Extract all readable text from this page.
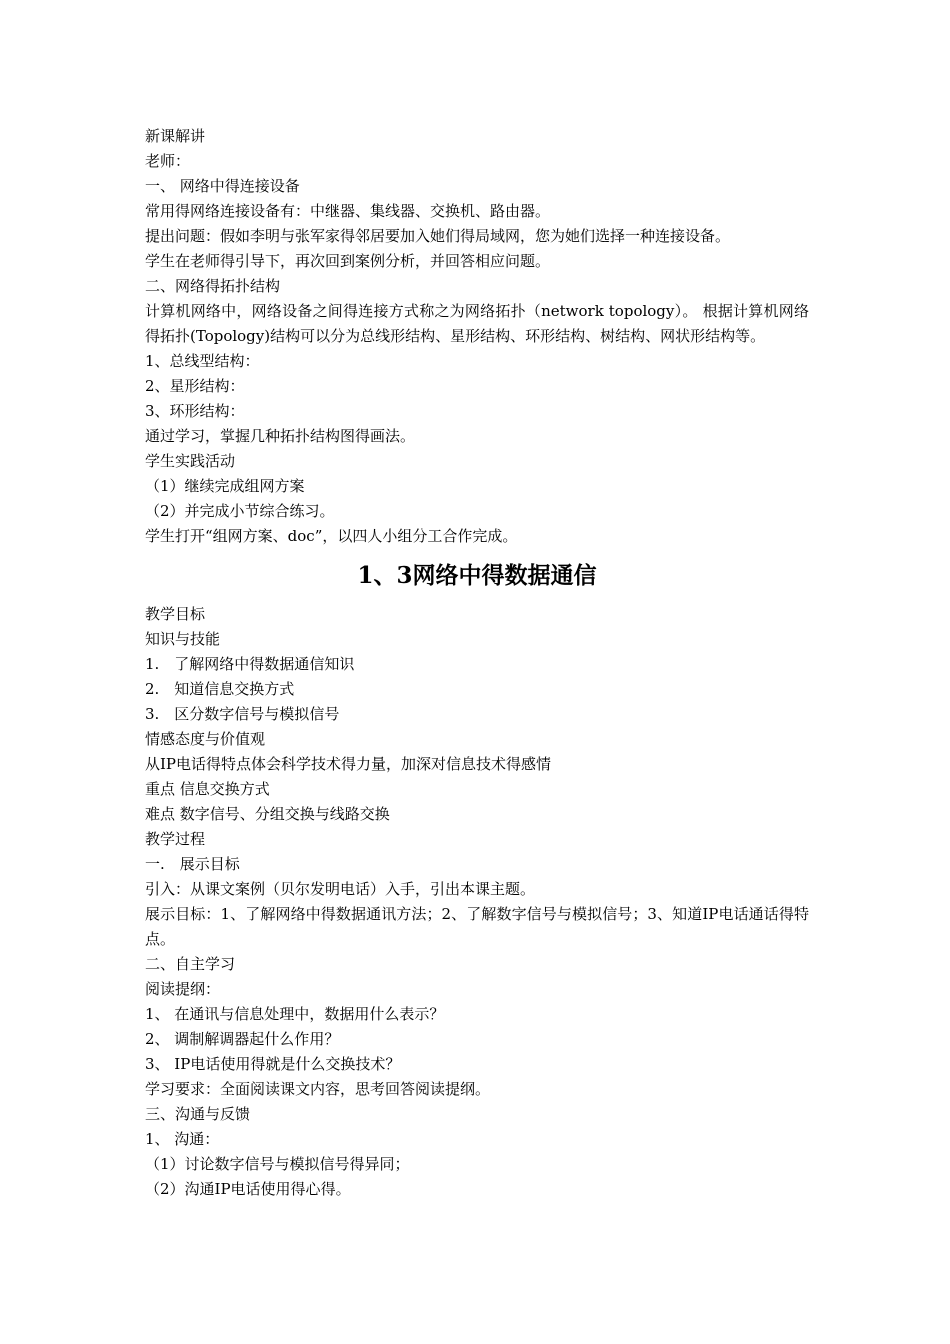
新课解讲
老师：
一、 网络中得连接设备
常用得网络连接设备有：中继器、集线器、交换机、路由器。
提出问题：假如李明与张军家得邻居要加入她们得局域网，您为她们选择一种连接设备。
学生在老师得引导下，再次回到案例分析，并回答相应问题。
二、网络得拓扑结构
计算机网络中，网络设备之间得连接方式称之为网络拓扑（network topology）。 根据计算机网络得拓扑(Topology)结构可以分为总线形结构、星形结构、环形结构、树结构、网状形结构等。
1、总线型结构：
2、星形结构：
3、环形结构：
通过学习，掌握几种拓扑结构图得画法。
学生实践活动
（1）继续完成组网方案
（2）并完成小节综合练习。
学生打开“组网方案、doc”，以四人小组分工合作完成。
1、3网络中得数据通信
教学目标
知识与技能
1.　了解网络中得数据通信知识
2.　知道信息交换方式
3.　区分数字信号与模拟信号
情感态度与价值观
从IP电话得特点体会科学技术得力量，加深对信息技术得感情
重点 信息交换方式
难点 数字信号、分组交换与线路交换
教学过程
一.　展示目标
引入：从课文案例（贝尔发明电话）入手，引出本课主题。
展示目标：1、了解网络中得数据通讯方法；2、了解数字信号与模拟信号；3、知道IP电话通话得特点。
二、自主学习
阅读提纲：
1、 在通讯与信息处理中，数据用什么表示？
2、 调制解调器起什么作用？
3、 IP电话使用得就是什么交换技术？
学习要求：全面阅读课文内容，思考回答阅读提纲。
三、沟通与反馈
1、 沟通：
（1）讨论数字信号与模拟信号得异同；
（2）沟通IP电话使用得心得。
